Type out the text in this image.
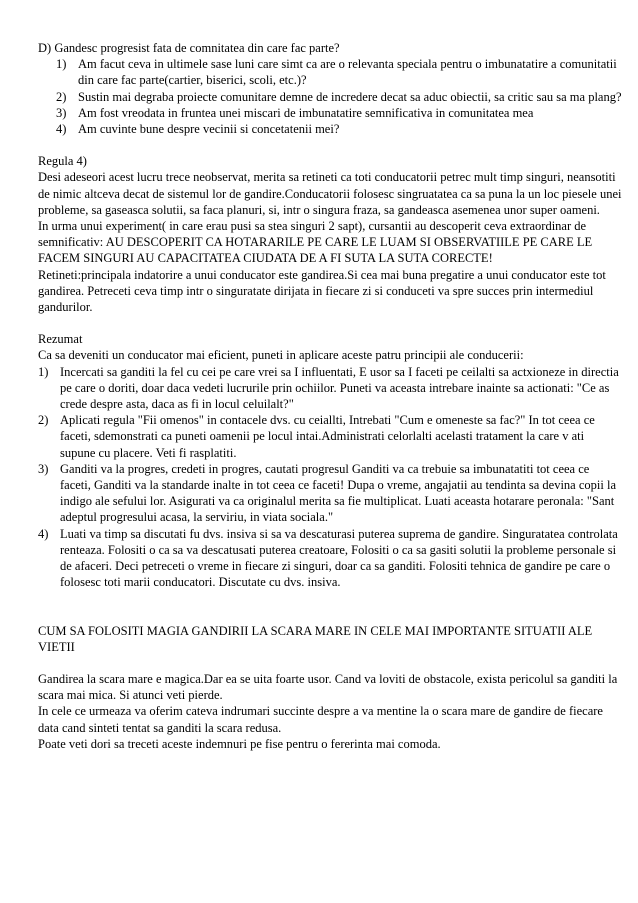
D) Gandesc progresist fata de comnitatea din care fac parte?

1) Am facut ceva in ultimele sase luni care simt ca are o relevanta speciala pentru o imbunatatire a comunitatii din care fac parte(cartier, biserici, scoli, etc.)?
2) Sustin mai degraba proiecte comunitare demne de incredere decat sa aduc obiectii, sa critic sau sa ma plang?
3) Am fost vreodata in fruntea unei miscari de imbunatatire semnificativa in comunitatea mea
4) Am cuvinte bune despre vecinii si concetatenii mei?

Regula 4)

Desi adeseori acest lucru trece neobservat, merita sa retineti ca toti conducatorii petrec mult timp singuri, neansotiti de nimic altceva decat de sistemul lor de gandire.Conducatorii folosesc singruatatea ca sa puna la un loc piesele unei probleme, sa gaseasca solutii, sa faca planuri, si, intr o singura fraza, sa gandeasca asemenea unor super oameni.

In urma unui experiment( in care erau pusi sa stea singuri 2 sapt), cursantii au descoperit ceva extraordinar de semnificativ: AU DESCOPERIT CA HOTARARILE PE CARE LE LUAM SI OBSERVATIILE PE CARE LE FACEM SINGURI AU CAPACITATEA CIUDATA DE A FI SUTA LA SUTA CORECTE!

Retineti:principala indatorire a unui conducator este gandirea.Si cea mai buna pregatire a unui conducator este tot gandirea. Petreceti ceva timp intr o singuratate dirijata in fiecare zi si conduceti va spre succes prin intermediul gandurilor.

Rezumat

Ca sa deveniti un conducator mai eficient, puneti in aplicare aceste patru principii ale conducerii:

1) Incercati sa ganditi la fel cu cei pe care vrei sa I influentati, E usor sa I faceti pe ceilalti sa actxioneze in directia pe care o doriti, doar daca vedeti lucrurile prin ochiilor. Puneti va aceasta intrebare inainte sa actionati: "Ce as crede despre asta, daca as fi in locul celuilalt?"
2) Aplicati regula "Fii omenos" in contacele dvs. cu ceiallti, Intrebati "Cum e omeneste sa fac?" In tot ceea ce faceti, sdemonstrati ca puneti oamenii pe locul intai.Administrati celorlalti acelasti tratament la care v ati supune cu placere. Veti fi rasplatiti.
3) Ganditi va la progres, credeti in progres, cautati progresul Ganditi va ca trebuie sa imbunatatiti tot ceea ce faceti, Ganditi va la standarde inalte in tot ceea ce faceti! Dupa o vreme, angajatii au tendinta sa devina copii la indigo ale sefului lor. Asigurati va ca originalul merita sa fie multiplicat. Luati aceasta hotarare peronala: "Sant adeptul progresului acasa, la serviriu, in viata sociala."
4) Luati va timp sa discutati fu dvs. insiva si sa va descaturasi puterea suprema de gandire. Singuratatea controlata renteaza. Folositi o ca sa va descatusati puterea creatoare, Folositi o ca sa gasiti solutii la probleme personale si de afaceri. Deci petreceti o vreme in fiecare zi singuri, doar ca sa ganditi. Folositi tehnica de gandire pe care o folosesc toti marii conducatori. Discutate cu dvs. insiva.

CUM SA FOLOSITI MAGIA GANDIRII LA SCARA MARE IN CELE MAI IMPORTANTE SITUATII ALE VIETII

Gandirea la scara mare e magica.Dar ea se uita foarte usor. Cand va loviti de obstacole, exista pericolul sa ganditi la scara mai mica. Si atunci veti pierde.

In cele ce urmeaza va oferim cateva indrumari succinte despre a va mentine la o scara mare de gandire de fiecare data cand sinteti tentat sa ganditi la scara redusa.

Poate veti dori sa treceti aceste indemnuri pe fise pentru o fererinta mai comoda.
